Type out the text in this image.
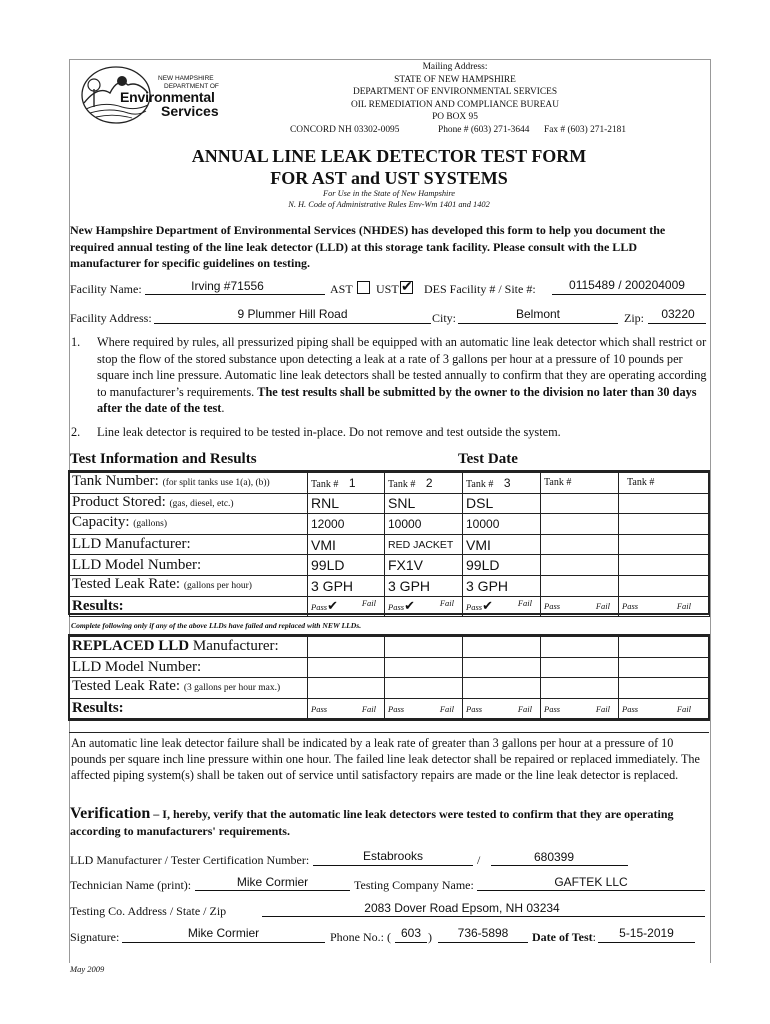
NEW HAMPSHIRE
DEPARTMENT OF
Environmental
Services
Mailing Address:
STATE OF NEW HAMPSHIRE
DEPARTMENT OF ENVIRONMENTAL SERVICES
OIL REMEDIATION AND COMPLIANCE BUREAU
PO BOX 95
CONCORD NH 03302-0095	Phone # (603) 271-3644 Fax # (603) 271-2181
ANNUAL LINE LEAK DETECTOR TEST FORM
FOR AST and UST SYSTEMS
For Use in the State of New Hampshire
N. H. Code of Administrative Rules Env-Wm 1401 and 1402
New Hampshire Department of Environmental Services (NHDES) has developed this form to help you document the required annual testing of the line leak detector (LLD) at this storage tank facility. Please consult with the LLD manufacturer for specific guidelines on testing.
Facility Name:	Irving #71556	AST UST ✔ DES Facility # / Site #:	0115489 / 200204009
Facility Address:	9 Plummer Hill Road	City:	Belmont	Zip:	03220
1. Where required by rules, all pressurized piping shall be equipped with an automatic line leak detector which shall restrict or stop the flow of the stored substance upon detecting a leak at a rate of 3 gallons per hour at a pressure of 10 pounds per square inch line pressure. Automatic line leak detectors shall be tested annually to confirm that they are operating according to manufacturer’s requirements. The test results shall be submitted by the owner to the division no later than 30 days after the date of the test.
2. Line leak detector is required to be tested in-place. Do not remove and test outside the system.
Test Information and Results	Test Date
Tank Number: (for split tanks use 1(a), (b))	Tank # 1	Tank # 2	Tank # 3	Tank #	Tank #
Product Stored: (gas, diesel, etc.)	RNL	SNL	DSL		
Capacity: (gallons)	12000	10000	10000		
LLD Manufacturer:	VMI	RED JACKET	VMI		
LLD Model Number:	99LD	FX1V	99LD		
Tested Leak Rate: (gallons per hour)	3 GPH	3 GPH	3 GPH		
Results:	Pass✔ Fail	Pass✔ Fail	Pass✔ Fail	Pass Fail	Pass Fail
Complete following only if any of the above LLDs have failed and replaced with NEW LLDs.
REPLACED LLD Manufacturer:					
LLD Model Number:					
Tested Leak Rate: (3 gallons per hour max.)					
Results:	Pass Fail	Pass Fail	Pass Fail	Pass Fail	Pass Fail
An automatic line leak detector failure shall be indicated by a leak rate of greater than 3 gallons per hour at a pressure of 10 pounds per square inch line pressure within one hour. The failed line leak detector shall be repaired or replaced immediately. The affected piping system(s) shall be taken out of service until satisfactory repairs are made or the line leak detector is replaced.
Verification – I, hereby, verify that the automatic line leak detectors were tested to confirm that they are operating according to manufacturers' requirements.
LLD Manufacturer / Tester Certification Number:	Estabrooks	/	680399
Technician Name (print):	Mike Cormier	Testing Company Name:	GAFTEK LLC
Testing Co. Address / State / Zip	2083 Dover Road Epsom, NH 03234
Signature:	Mike Cormier	Phone No.: ( 603 )	736-5898	Date of Test:	5-15-2019
May 2009
